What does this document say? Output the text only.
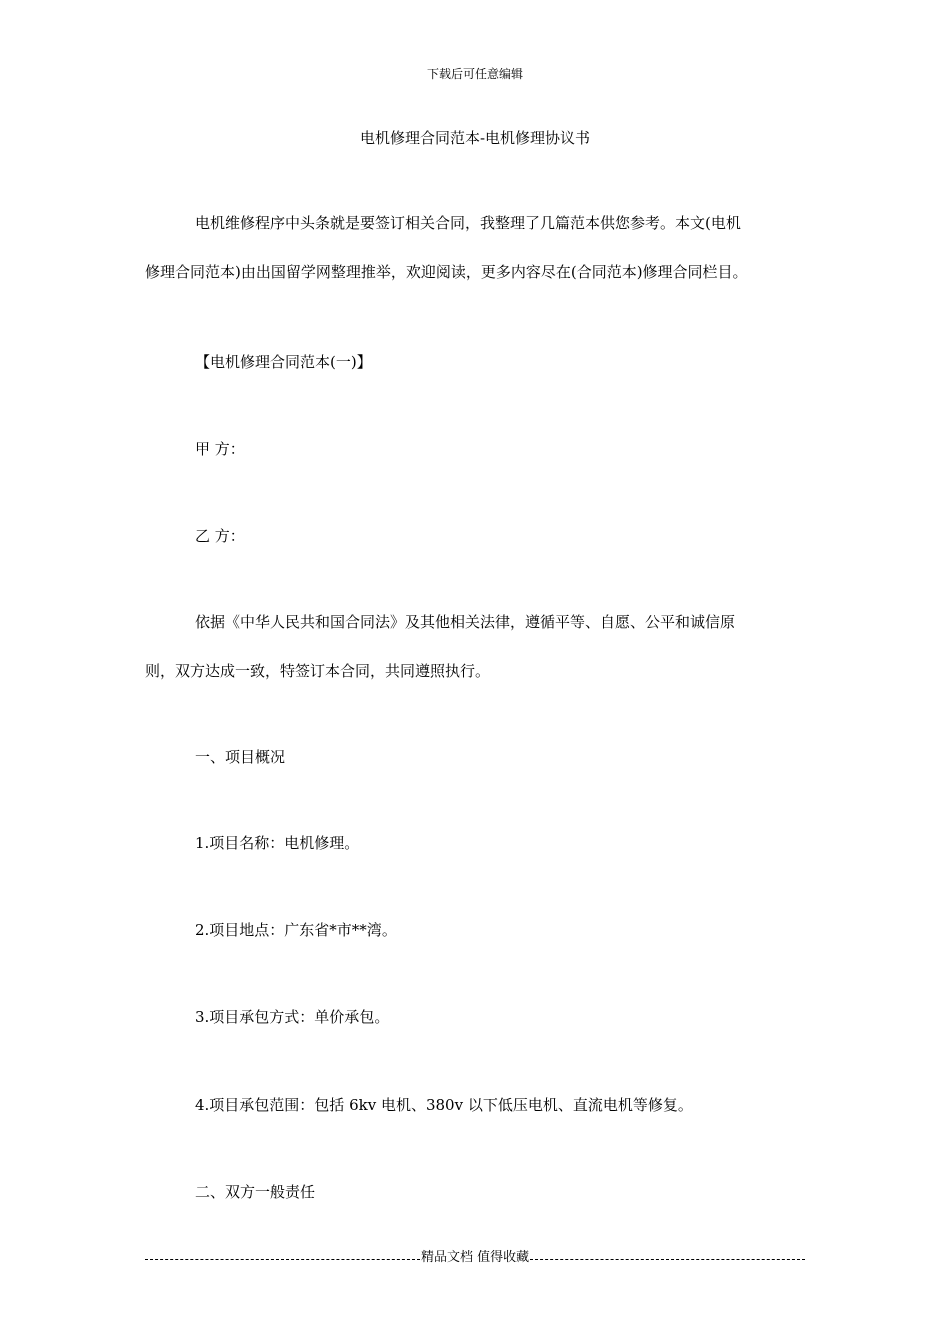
下载后可任意编辑
电机修理合同范本-电机修理协议书
电机维修程序中头条就是要签订相关合同，我整理了几篇范本供您参考。本文(电机
修理合同范本)由出国留学网整理推举，欢迎阅读，更多内容尽在(合同范本)修理合同栏目。
【电机修理合同范本(一)】
甲 方：
乙 方：
依据《中华人民共和国合同法》及其他相关法律，遵循平等、自愿、公平和诚信原
则，双方达成一致，特签订本合同，共同遵照执行。
一、项目概况
1.项目名称：电机修理。
2.项目地点：广东省*市**湾。
3.项目承包方式：单价承包。
4.项目承包范围：包括 6kv 电机、380v 以下低压电机、直流电机等修复。
二、双方一般责任
精品文档 值得收藏
